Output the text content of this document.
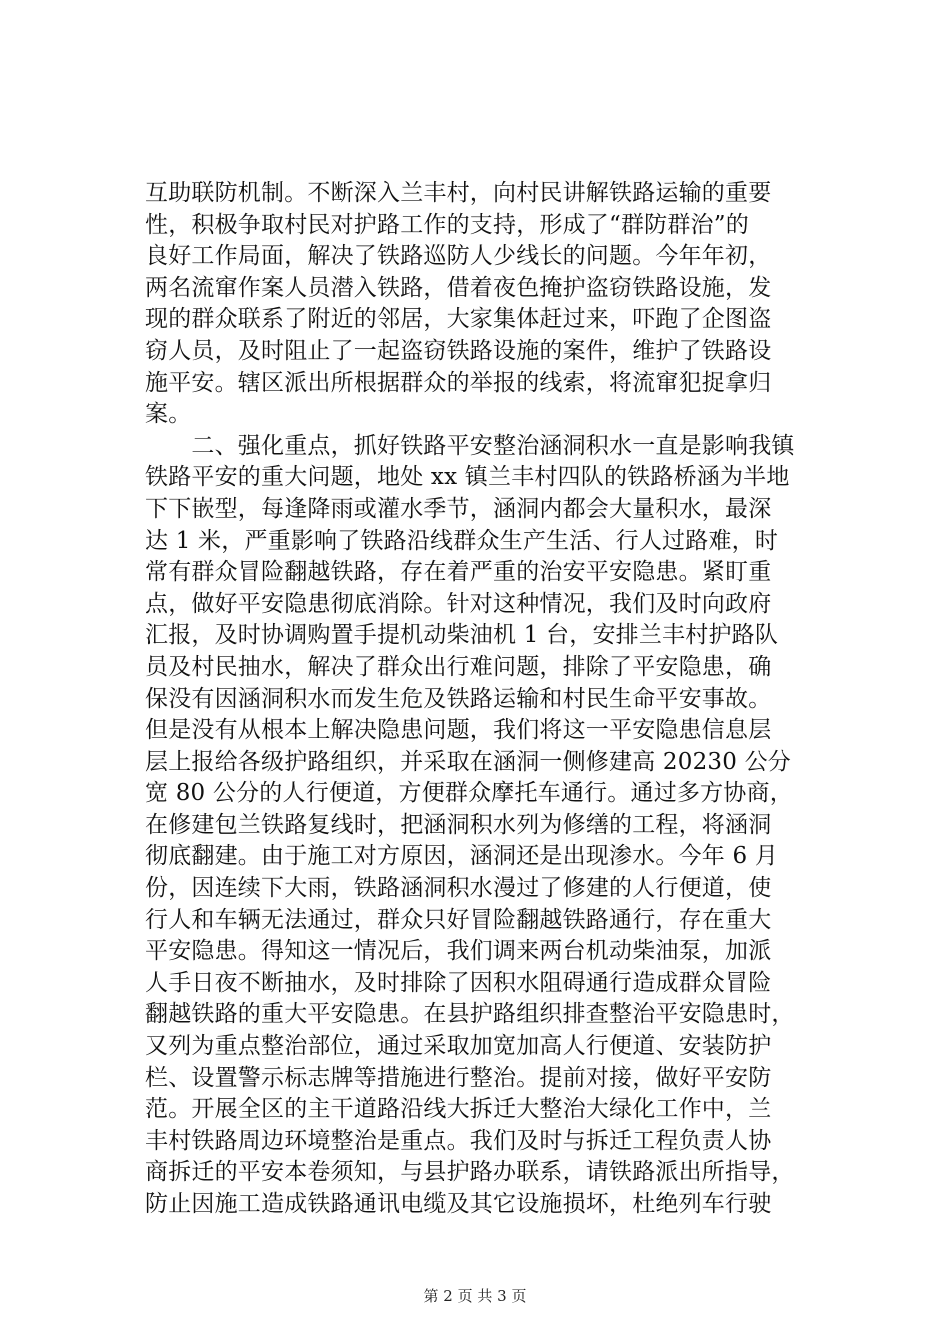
互助联防机制。不断深入兰丰村，向村民讲解铁路运输的重要
性，积极争取村民对护路工作的支持，形成了“群防群治”的
良好工作局面，解决了铁路巡防人少线长的问题。今年年初，
两名流窜作案人员潜入铁路，借着夜色掩护盗窃铁路设施，发
现的群众联系了附近的邻居，大家集体赶过来，吓跑了企图盗
窃人员，及时阻止了一起盗窃铁路设施的案件，维护了铁路设
施平安。辖区派出所根据群众的举报的线索，将流窜犯捉拿归
案。
　　二、强化重点，抓好铁路平安整治涵洞积水一直是影响我镇
铁路平安的重大问题，地处 xx 镇兰丰村四队的铁路桥涵为半地
下下嵌型，每逢降雨或灌水季节，涵洞内都会大量积水，最深
达 1 米，严重影响了铁路沿线群众生产生活、行人过路难，时
常有群众冒险翻越铁路，存在着严重的治安平安隐患。紧盯重
点，做好平安隐患彻底消除。针对这种情况，我们及时向政府
汇报，及时协调购置手提机动柴油机 1 台，安排兰丰村护路队
员及村民抽水，解决了群众出行难问题，排除了平安隐患，确
保没有因涵洞积水而发生危及铁路运输和村民生命平安事故。
但是没有从根本上解决隐患问题，我们将这一平安隐患信息层
层上报给各级护路组织，并采取在涵洞一侧修建高 20230 公分
宽 80 公分的人行便道，方便群众摩托车通行。通过多方协商，
在修建包兰铁路复线时，把涵洞积水列为修缮的工程，将涵洞
彻底翻建。由于施工对方原因，涵洞还是出现渗水。今年 6 月
份，因连续下大雨，铁路涵洞积水漫过了修建的人行便道，使
行人和车辆无法通过，群众只好冒险翻越铁路通行，存在重大
平安隐患。得知这一情况后，我们调来两台机动柴油泵，加派
人手日夜不断抽水，及时排除了因积水阻碍通行造成群众冒险
翻越铁路的重大平安隐患。在县护路组织排查整治平安隐患时，
又列为重点整治部位，通过采取加宽加高人行便道、安装防护
栏、设置警示标志牌等措施进行整治。提前对接，做好平安防
范。开展全区的主干道路沿线大拆迁大整治大绿化工作中，兰
丰村铁路周边环境整治是重点。我们及时与拆迁工程负责人协
商拆迁的平安本卷须知，与县护路办联系，请铁路派出所指导，
防止因施工造成铁路通讯电缆及其它设施损坏，杜绝列车行驶
第 2 页 共 3 页
